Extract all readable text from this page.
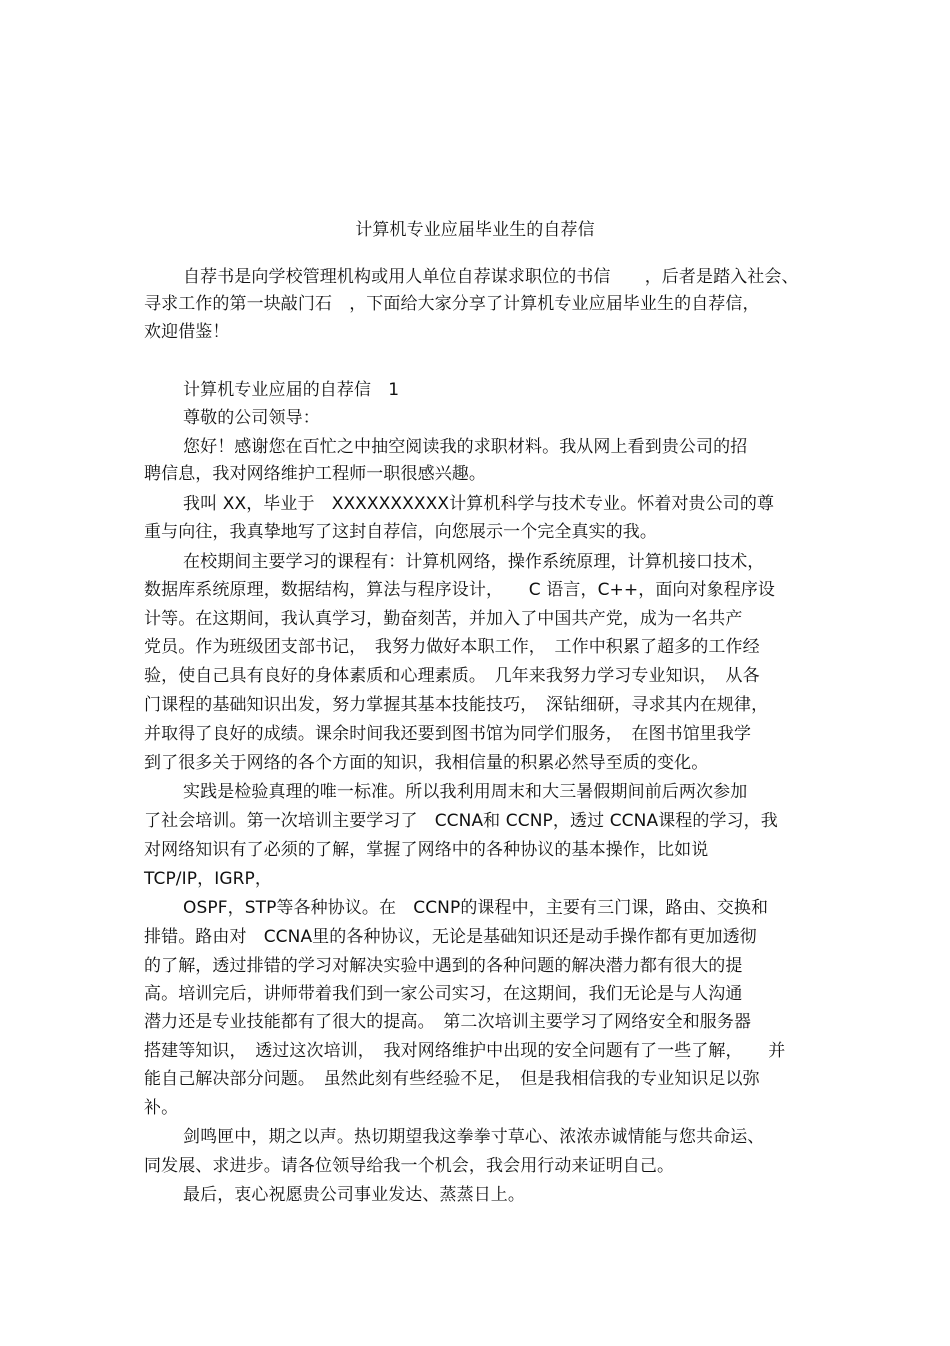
计算机专业应届毕业生的自荐信
自荐书是向学校管理机构或用人单位自荐谋求职位的书信　　，后者是踏入社会、
寻求工作的第一块敲门石　，下面给大家分享了计算机专业应届毕业生的自荐信，
欢迎借鉴！
计算机专业应届的自荐信　1
尊敬的公司领导：
您好！感谢您在百忙之中抽空阅读我的求职材料。我从网上看到贵公司的招
聘信息，我对网络维护工程师一职很感兴趣。
我叫 XX，毕业于　XXXXXXXXXX计算机科学与技术专业。怀着对贵公司的尊
重与向往，我真挚地写了这封自荐信，向您展示一个完全真实的我。
在校期间主要学习的课程有：计算机网络，操作系统原理，计算机接口技术，
数据库系统原理，数据结构，算法与程序设计，　　C 语言，C++，面向对象程序设
计等。在这期间，我认真学习，勤奋刻苦，并加入了中国共产党，成为一名共产
党员。作为班级团支部书记，　我努力做好本职工作，　工作中积累了超多的工作经
验，使自己具有良好的身体素质和心理素质。　几年来我努力学习专业知识，　从各
门课程的基础知识出发，努力掌握其基本技能技巧，　深钻细研，寻求其内在规律，
并取得了良好的成绩。课余时间我还要到图书馆为同学们服务，　在图书馆里我学
到了很多关于网络的各个方面的知识，我相信量的积累必然导至质的变化。
实践是检验真理的唯一标准。所以我利用周末和大三暑假期间前后两次参加
了社会培训。第一次培训主要学习了　CCNA和 CCNP，透过 CCNA课程的学习，我
对网络知识有了必须的了解，掌握了网络中的各种协议的基本操作，比如说
TCP/IP，IGRP，
OSPF，STP等各种协议。在　CCNP的课程中，主要有三门课，路由、交换和
排错。路由对　CCNA里的各种协议，无论是基础知识还是动手操作都有更加透彻
的了解，透过排错的学习对解决实验中遇到的各种问题的解决潜力都有很大的提
高。培训完后，讲师带着我们到一家公司实习，在这期间，我们无论是与人沟通
潜力还是专业技能都有了很大的提高。　第二次培训主要学习了网络安全和服务器
搭建等知识，　透过这次培训，　我对网络维护中出现的安全问题有了一些了解，　　并
能自己解决部分问题。　虽然此刻有些经验不足，　但是我相信我的专业知识足以弥
补。
剑鸣匣中，期之以声。热切期望我这拳拳寸草心、浓浓赤诚情能与您共命运、
同发展、求进步。请各位领导给我一个机会，我会用行动来证明自己。
最后，衷心祝愿贵公司事业发达、蒸蒸日上。
